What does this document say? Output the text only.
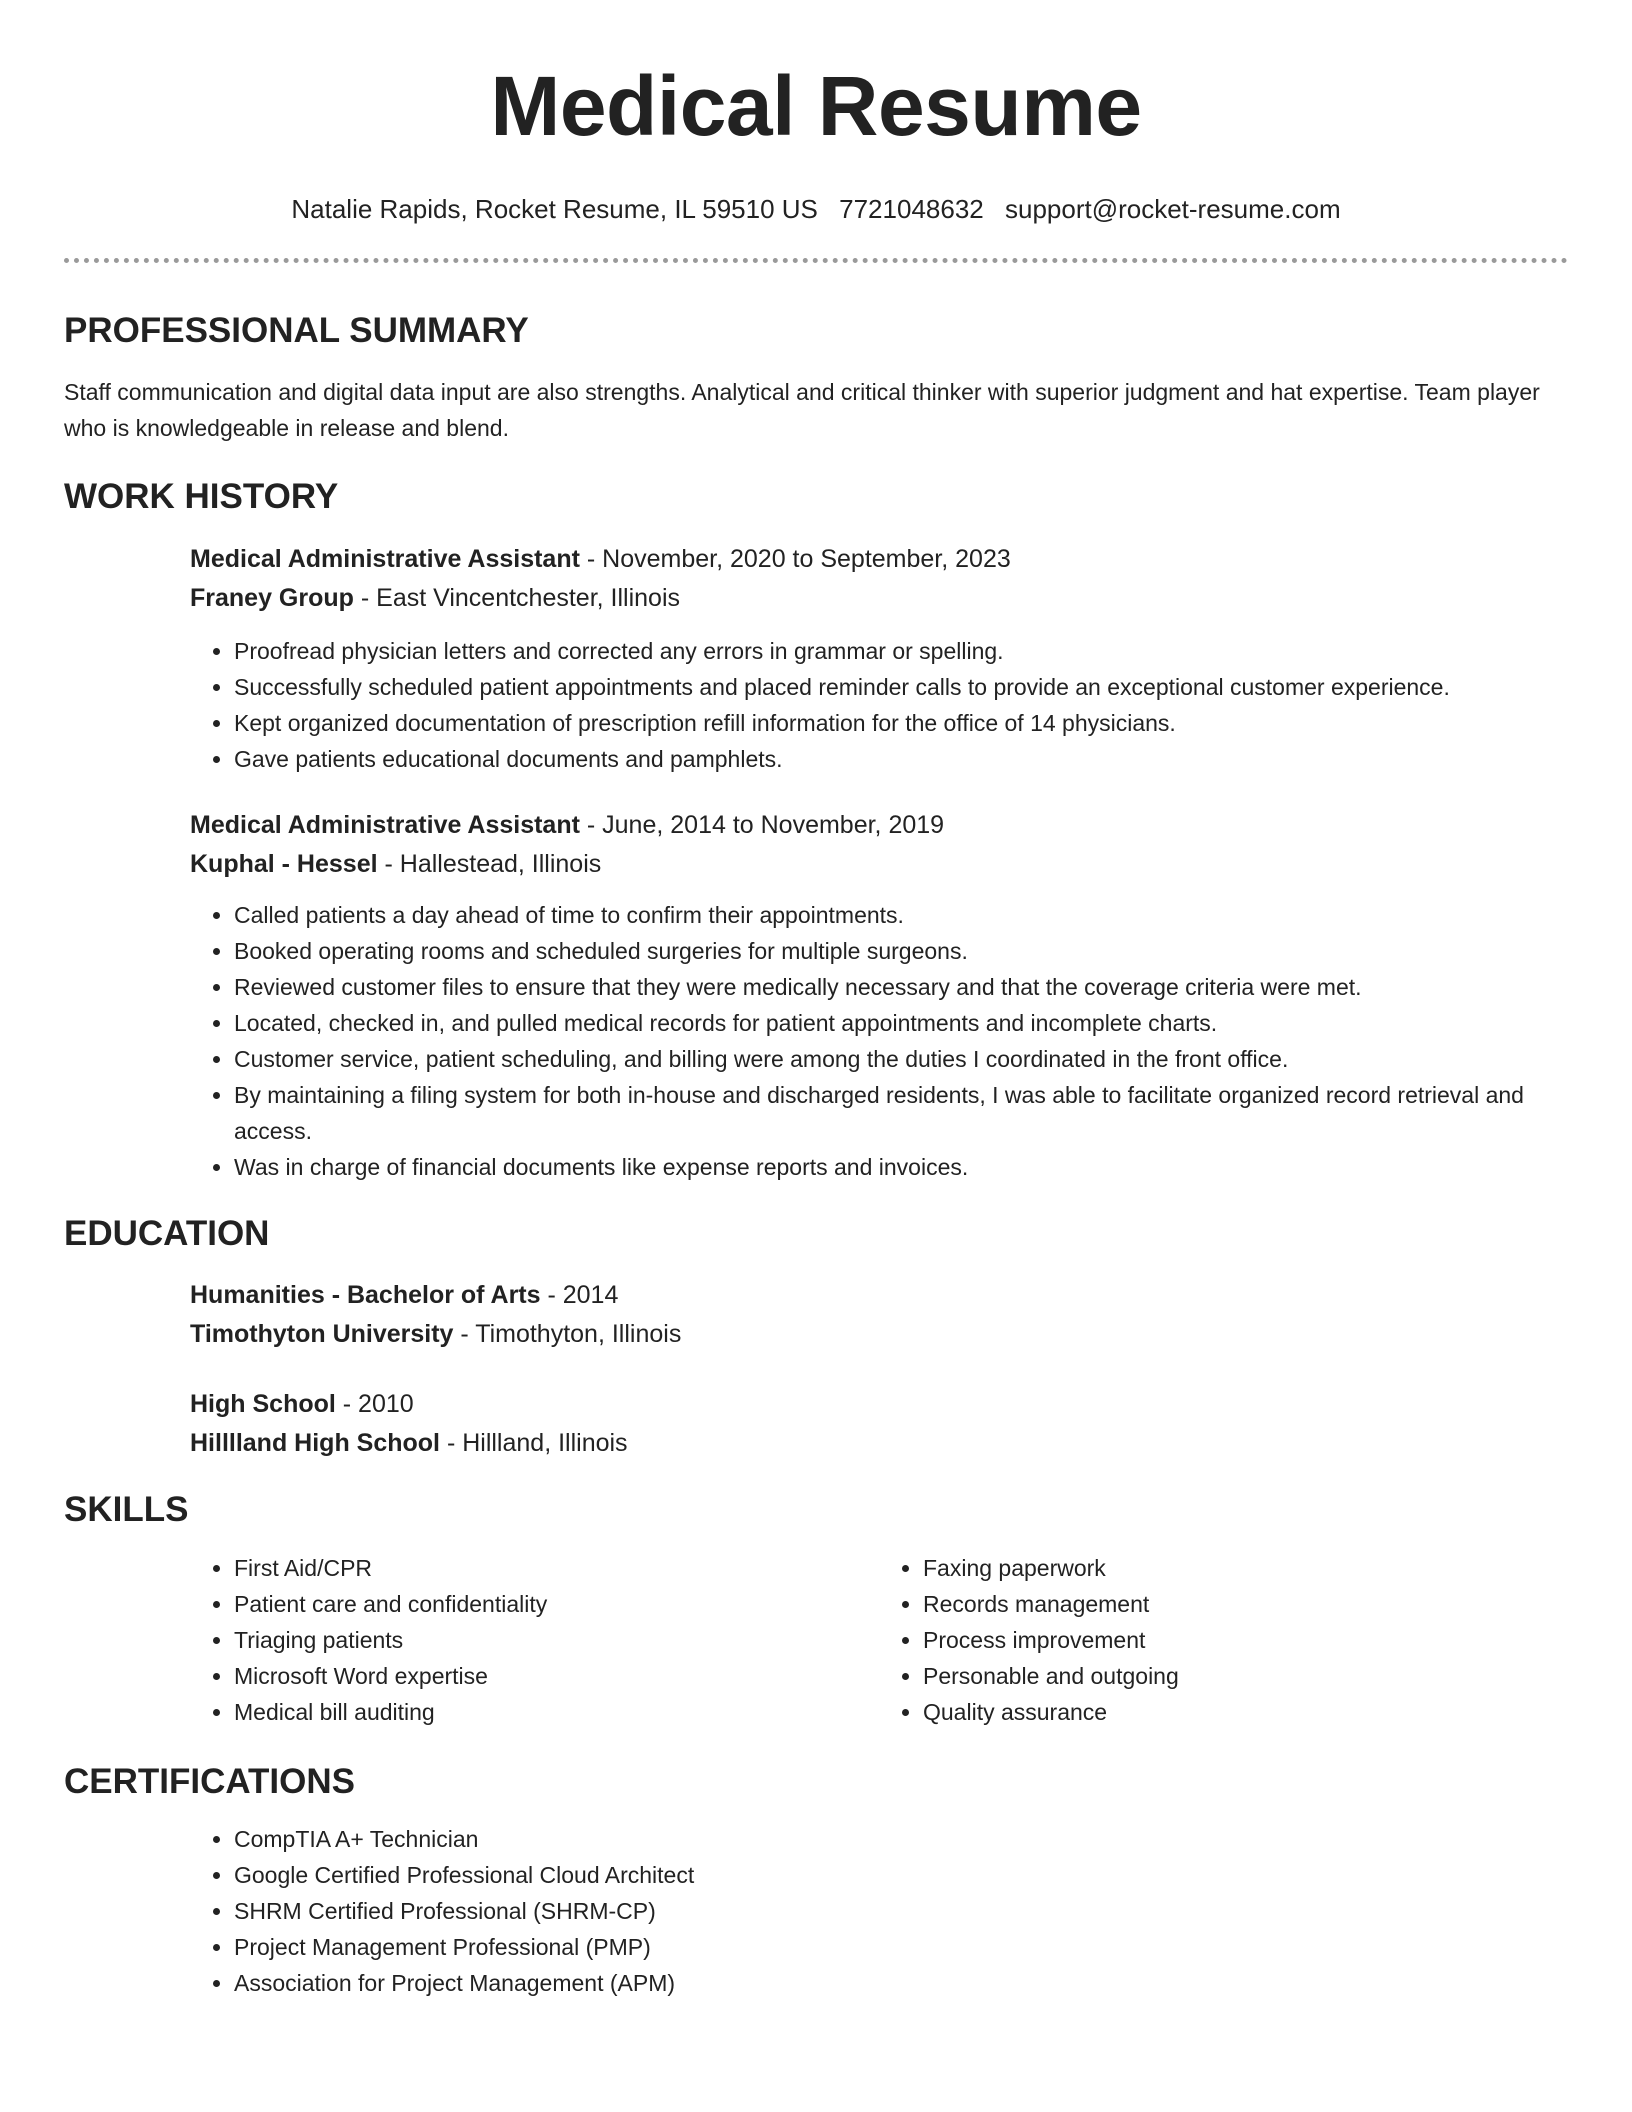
Medical Resume
Natalie Rapids, Rocket Resume, IL 59510 US 7721048632 support@rocket-resume.com
PROFESSIONAL SUMMARY

Staff communication and digital data input are also strengths. Analytical and critical thinker with superior judgment and hat expertise. Team player who is knowledgeable in release and blend.

WORK HISTORY

Medical Administrative Assistant - November, 2020 to September, 2023

Franey Group - East Vincentchester, Illinois

• Proofread physician letters and corrected any errors in grammar or spelling.
• Successfully scheduled patient appointments and placed reminder calls to provide an exceptional customer experience.
• Kept organized documentation of prescription refill information for the office of 14 physicians.
• Gave patients educational documents and pamphlets.

Medical Administrative Assistant - June, 2014 to November, 2019

Kuphal - Hessel - Hallestead, Illinois

• Called patients a day ahead of time to confirm their appointments.
• Booked operating rooms and scheduled surgeries for multiple surgeons.
• Reviewed customer files to ensure that they were medically necessary and that the coverage criteria were met.
• Located, checked in, and pulled medical records for patient appointments and incomplete charts.
• Customer service, patient scheduling, and billing were among the duties I coordinated in the front office.
• By maintaining a filing system for both in-house and discharged residents, I was able to facilitate organized record retrieval and access.
• Was in charge of financial documents like expense reports and invoices.
EDUCATION

Humanities - Bachelor of Arts - 2014

Timothyton University - Timothyton, Illinois

High School - 2010

Hilllland High School - Hillland, Illinois

SKILLS
• First Aid/CPR
• Patient care and confidentiality
• Triaging patients
• Microsoft Word expertise
• Medical bill auditing
• Faxing paperwork
• Records management
• Process improvement
• Personable and outgoing
• Quality assurance
CERTIFICATIONS
• CompTIA A+ Technician
• Google Certified Professional Cloud Architect
• SHRM Certified Professional (SHRM-CP)
• Project Management Professional (PMP)
• Association for Project Management (APM)
